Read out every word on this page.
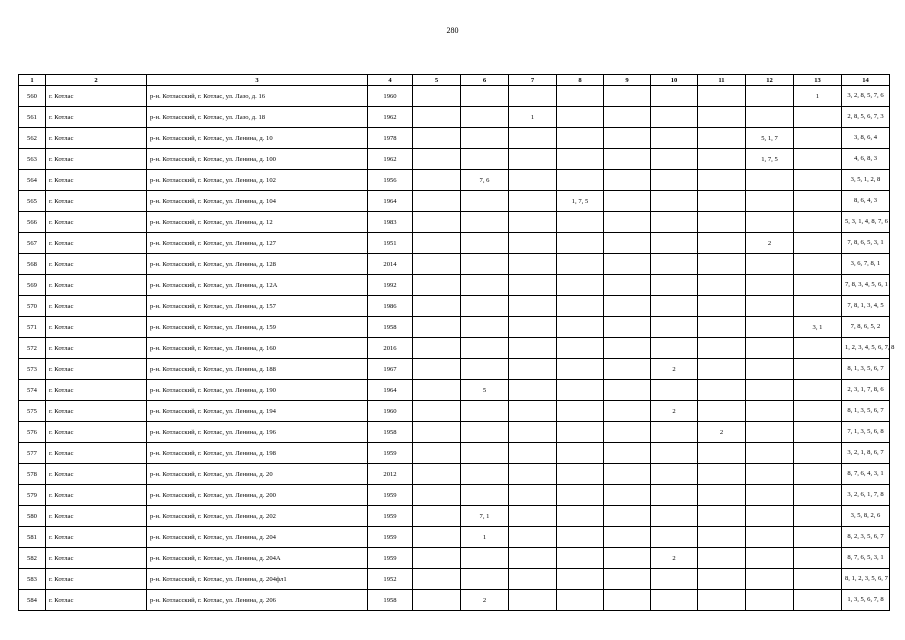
280
1	2	3	4	5	6	7	8	9	10	11	12	13	14
560	г. Котлас	р-н. Котласский, г. Котлас, ул. Лазо, д. 16	1960									1	3, 2, 8, 5, 7, 6
561	г. Котлас	р-н. Котласский, г. Котлас, ул. Лазо, д. 18	1962			1							2, 8, 5, 6, 7, 3
562	г. Котлас	р-н. Котласский, г. Котлас, ул. Ленина, д. 10	1978								5, 1, 7		3, 8, 6, 4
563	г. Котлас	р-н. Котласский, г. Котлас, ул. Ленина, д. 100	1962								1, 7, 5		4, 6, 8, 3
564	г. Котлас	р-н. Котласский, г. Котлас, ул. Ленина, д. 102	1956		7, 6								3, 5, 1, 2, 8
565	г. Котлас	р-н. Котласский, г. Котлас, ул. Ленина, д. 104	1964				1, 7, 5						8, 6, 4, 3
566	г. Котлас	р-н. Котласский, г. Котлас, ул. Ленина, д. 12	1983										5, 3, 1, 4, 8, 7, 6
567	г. Котлас	р-н. Котласский, г. Котлас, ул. Ленина, д. 127	1951								2		7, 8, 6, 5, 3, 1
568	г. Котлас	р-н. Котласский, г. Котлас, ул. Ленина, д. 128	2014										3, 6, 7, 8, 1
569	г. Котлас	р-н. Котласский, г. Котлас, ул. Ленина, д. 12А	1992										7, 8, 3, 4, 5, 6, 1
570	г. Котлас	р-н. Котласский, г. Котлас, ул. Ленина, д. 157	1986										7, 8, 1, 3, 4, 5
571	г. Котлас	р-н. Котласский, г. Котлас, ул. Ленина, д. 159	1958									3, 1	7, 8, 6, 5, 2
572	г. Котлас	р-н. Котласский, г. Котлас, ул. Ленина, д. 160	2016										1, 2, 3, 4, 5, 6, 7, 8
573	г. Котлас	р-н. Котласский, г. Котлас, ул. Ленина, д. 188	1967						2				8, 1, 3, 5, 6, 7
574	г. Котлас	р-н. Котласский, г. Котлас, ул. Ленина, д. 190	1964		5								2, 3, 1, 7, 8, 6
575	г. Котлас	р-н. Котласский, г. Котлас, ул. Ленина, д. 194	1960						2				8, 1, 3, 5, 6, 7
576	г. Котлас	р-н. Котласский, г. Котлас, ул. Ленина, д. 196	1958							2			7, 1, 3, 5, 6, 8
577	г. Котлас	р-н. Котласский, г. Котлас, ул. Ленина, д. 198	1959										3, 2, 1, 8, 6, 7
578	г. Котлас	р-н. Котласский, г. Котлас, ул. Ленина, д. 20	2012										8, 7, 6, 4, 3, 1
579	г. Котлас	р-н. Котласский, г. Котлас, ул. Ленина, д. 200	1959										3, 2, 6, 1, 7, 8
580	г. Котлас	р-н. Котласский, г. Котлас, ул. Ленина, д. 202	1959		7, 1								3, 5, 8, 2, 6
581	г. Котлас	р-н. Котласский, г. Котлас, ул. Ленина, д. 204	1959		1								8, 2, 3, 5, 6, 7
582	г. Котлас	р-н. Котласский, г. Котлас, ул. Ленина, д. 204А	1959						2				8, 7, 6, 5, 3, 1
583	г. Котлас	р-н. Котласский, г. Котлас, ул. Ленина, д. 204фл1	1952										8, 1, 2, 3, 5, 6, 7
584	г. Котлас	р-н. Котласский, г. Котлас, ул. Ленина, д. 206	1958		2								1, 3, 5, 6, 7, 8
